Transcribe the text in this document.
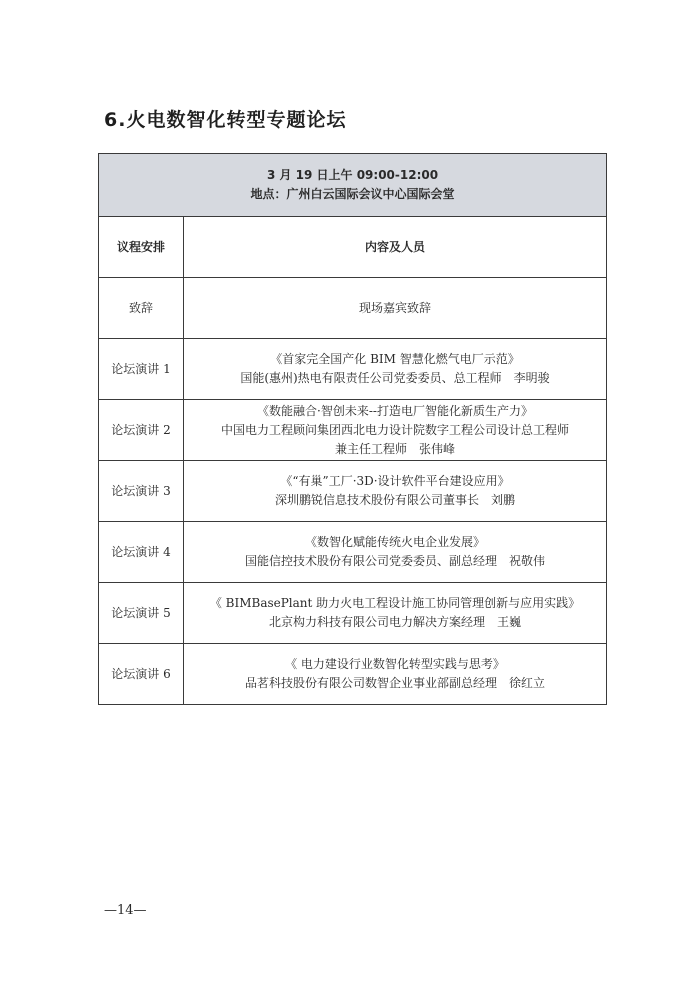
6.火电数智化转型专题论坛
3 月 19 日上午 09:00-12:00
地点：广州白云国际会议中心国际会堂	

议程安排	内容及人员
致辞	现场嘉宾致辞

论坛演讲 1	《首家完全国产化 BIM 智慧化燃气电厂示范》
国能(惠州)热电有限责任公司党委委员、总工程师　李明骏

论坛演讲 2	《数能融合·智创未来--打造电厂智能化新质生产力》
中国电力工程顾问集团西北电力设计院数字工程公司设计总工程师
兼主任工程师　张伟峰

论坛演讲 3	《“有巢”工厂·3D·设计软件平台建设应用》
深圳鹏锐信息技术股份有限公司董事长　刘鹏

论坛演讲 4	《数智化赋能传统火电企业发展》
国能信控技术股份有限公司党委委员、副总经理　祝敬伟

论坛演讲 5	《 BIMBasePlant 助力火电工程设计施工协同管理创新与应用实践》
北京构力科技有限公司电力解决方案经理　王巍

论坛演讲 6	《 电力建设行业数智化转型实践与思考》
品茗科技股份有限公司数智企业事业部副总经理　徐红立
—14—
